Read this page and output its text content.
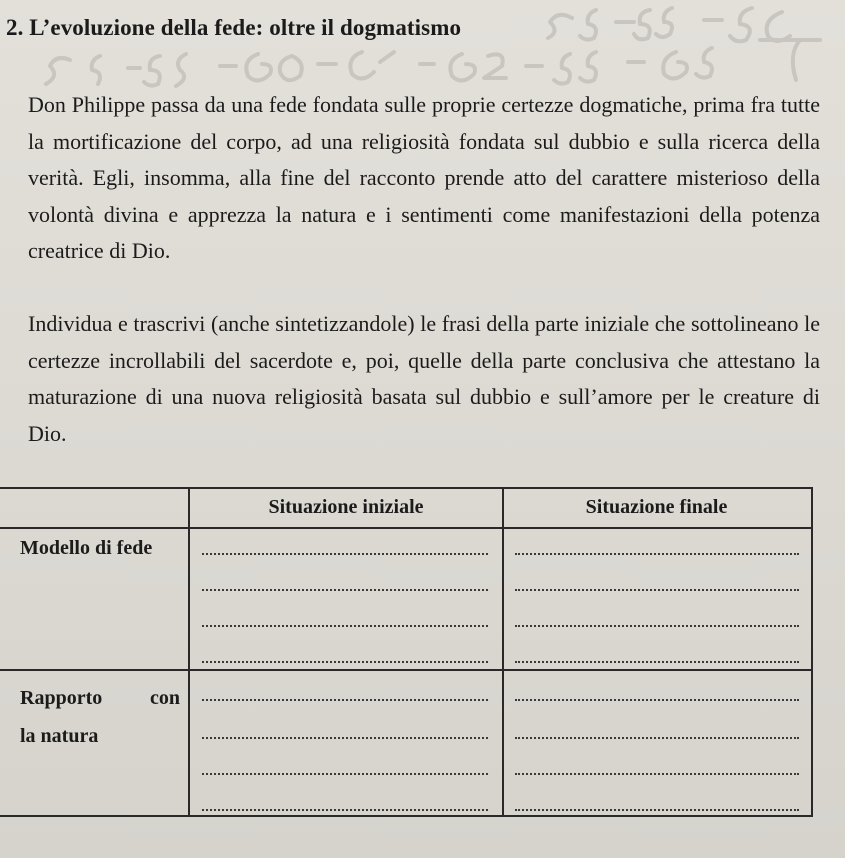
2. L’evoluzione della fede: oltre il dogmatismo
Don Philippe passa da una fede fondata sulle proprie certezze dogmatiche, prima fra tutte la mortificazione del corpo, ad una religiosità fondata sul dubbio e sulla ricerca della verità. Egli, insomma, alla fine del racconto prende atto del carattere misterioso della volontà divina e apprezza la natura e i sentimenti come manifestazioni della potenza creatrice di Dio.
Individua e trascrivi (anche sintetizzandole) le frasi della parte iniziale che sottolineano le certezze incrollabili del sacerdote e, poi, quelle della parte conclusiva che attestano la maturazione di una nuova religiosità basata sul dubbio e sull’amore per le creature di Dio.
Situazione iniziale	Situazione finale
Modello di fede
Rapporto con
la natura
